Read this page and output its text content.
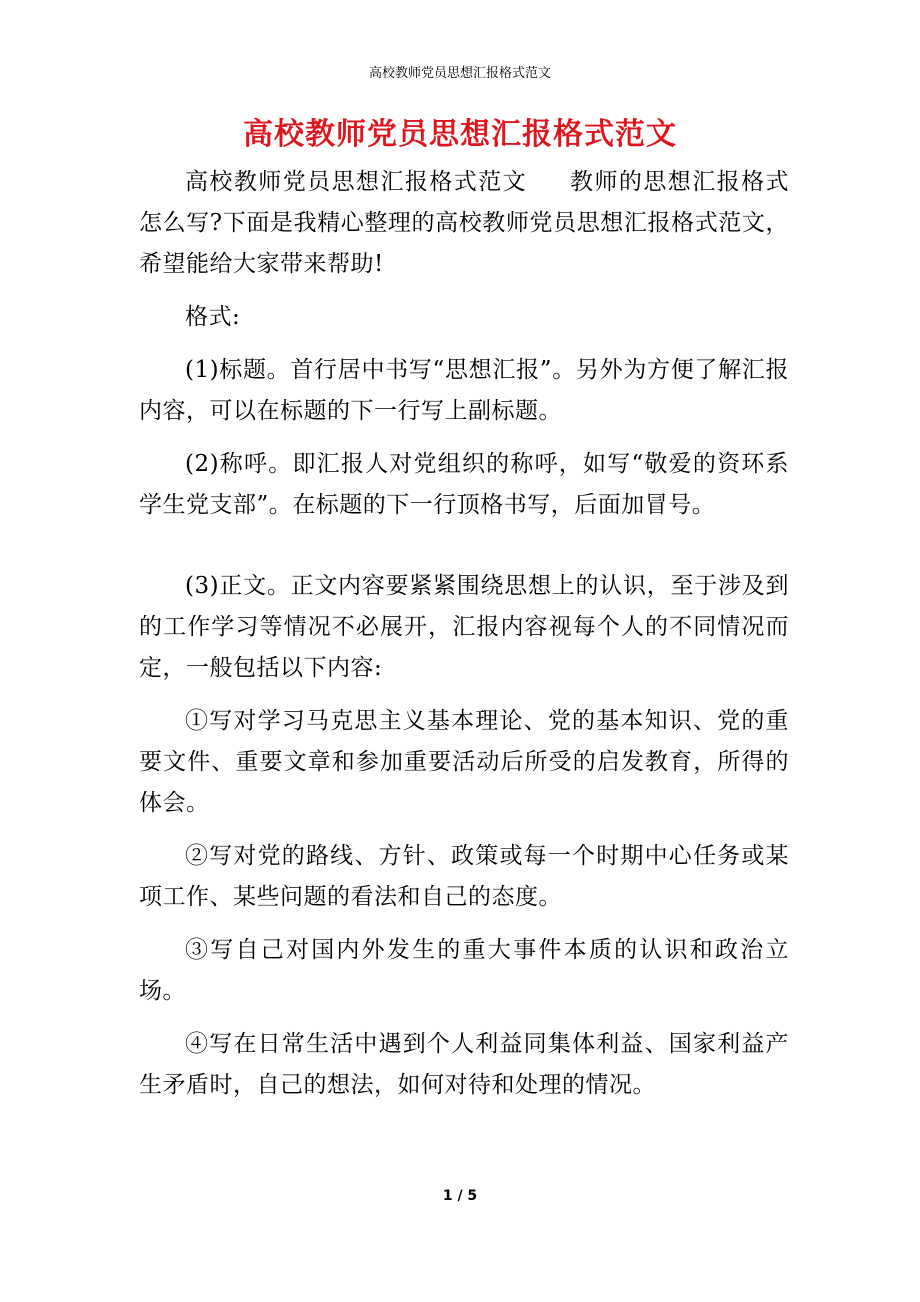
高校教师党员思想汇报格式范文
高校教师党员思想汇报格式范文

高校教师党员思想汇报格式范文 教师的思想汇报格式怎么写?下面是我精心整理的高校教师党员思想汇报格式范文，希望能给大家带来帮助!

格式:

(1)标题。首行居中书写“思想汇报”。另外为方便了解汇报内容，可以在标题的下一行写上副标题。

(2)称呼。即汇报人对党组织的称呼，如写“敬爱的资环系学生党支部”。在标题的下一行顶格书写，后面加冒号。

(3)正文。正文内容要紧紧围绕思想上的认识，至于涉及到的工作学习等情况不必展开，汇报内容视每个人的不同情况而定，一般包括以下内容:

①写对学习马克思主义基本理论、党的基本知识、党的重要文件、重要文章和参加重要活动后所受的启发教育，所得的体会。

②写对党的路线、方针、政策或每一个时期中心任务或某项工作、某些问题的看法和自己的态度。

③写自己对国内外发生的重大事件本质的认识和政治立场。

④写在日常生活中遇到个人利益同集体利益、国家利益产生矛盾时，自己的想法，如何对待和处理的情况。

1 / 5
